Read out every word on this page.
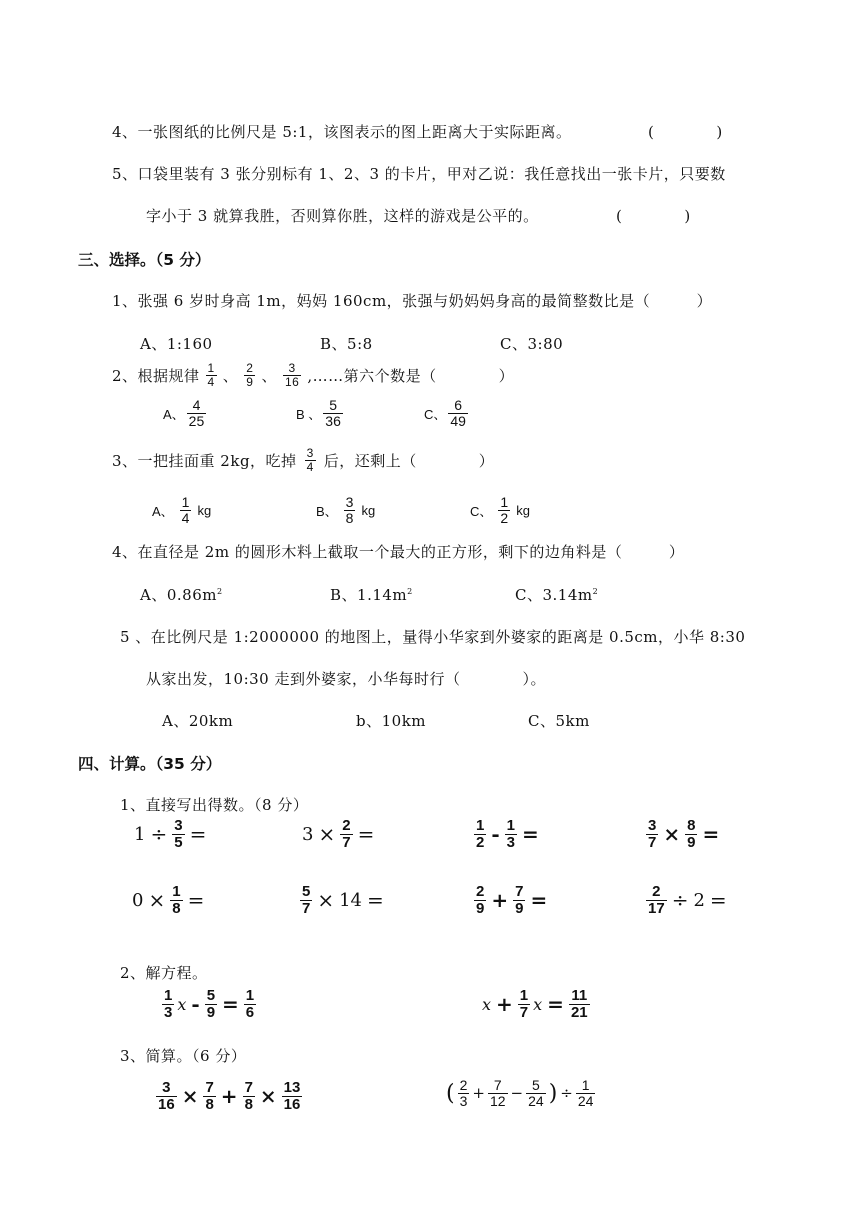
4、一张图纸的比例尺是 5:1，该图表示的图上距离大于实际距离。	(　　　　)
5、口袋里装有 3 张分别标有 1、2、3 的卡片，甲对乙说：我任意找出一张卡片，只要数
字小于 3 就算我胜，否则算你胜，这样的游戏是公平的。	(　　　　)
三、选择。（5 分）
1、张强 6 岁时身高 1m，妈妈 160cm，张强与奶妈妈身高的最简整数比是（　　　）
A、1:160	B、5:8	C、3:80
2、根据规律 $\frac{1}{4}$ 、 $\frac{2}{9}$ 、 $\frac{3}{16}$ ,……第六个数是（　　　　）
A、 $\frac{4}{25}$	B 、 $\frac{5}{36}$	C、 $\frac{6}{49}$
3、一把挂面重 2kg，吃掉 $\frac{3}{4}$ 后，还剩上（　　　　）
A、 $\frac{1}{4}$ kg	B、 $\frac{3}{8}$ kg	C、 $\frac{1}{2}$ kg
4、在直径是 2m 的圆形木料上截取一个最大的正方形，剩下的边角料是（　　　）
A、$0.86m^2$	B、$1.14m^2$	C、$3.14m^2$
5 、在比例尺是 1:2000000 的地图上，量得小华家到外婆家的距离是 0.5cm，小华 8:30
从家出发，10:30 走到外婆家，小华每时行（　　　　）。
A、20km	b、10km	C、5km
四、计算。（35 分）
1、直接写出得数。（8 分）
$1 \div \frac{3}{5}$ =	$3 \times \frac{2}{7}$ =	$\frac{1}{2} - \frac{1}{3}$ =	$\frac{3}{7} \times \frac{8}{9}$ =
$0 \times \frac{1}{8}$ =	$\frac{5}{7} \times 14$ =	$\frac{2}{9} + \frac{7}{9}$ =	$\frac{2}{17} \div 2$ =
2、解方程。
$\frac{1}{3}$ $x - \frac{5}{9} = \frac{1}{6}$	$x + \frac{1}{7}$ $x = \frac{11}{21}$
3、简算。（6 分）
$\frac{3}{16} \times \frac{7}{8} + \frac{7}{8} \times \frac{13}{16}$	( $\frac{2}{3} + \frac{7}{12} - \frac{5}{24}$ ) ÷ $\frac{1}{24}$
